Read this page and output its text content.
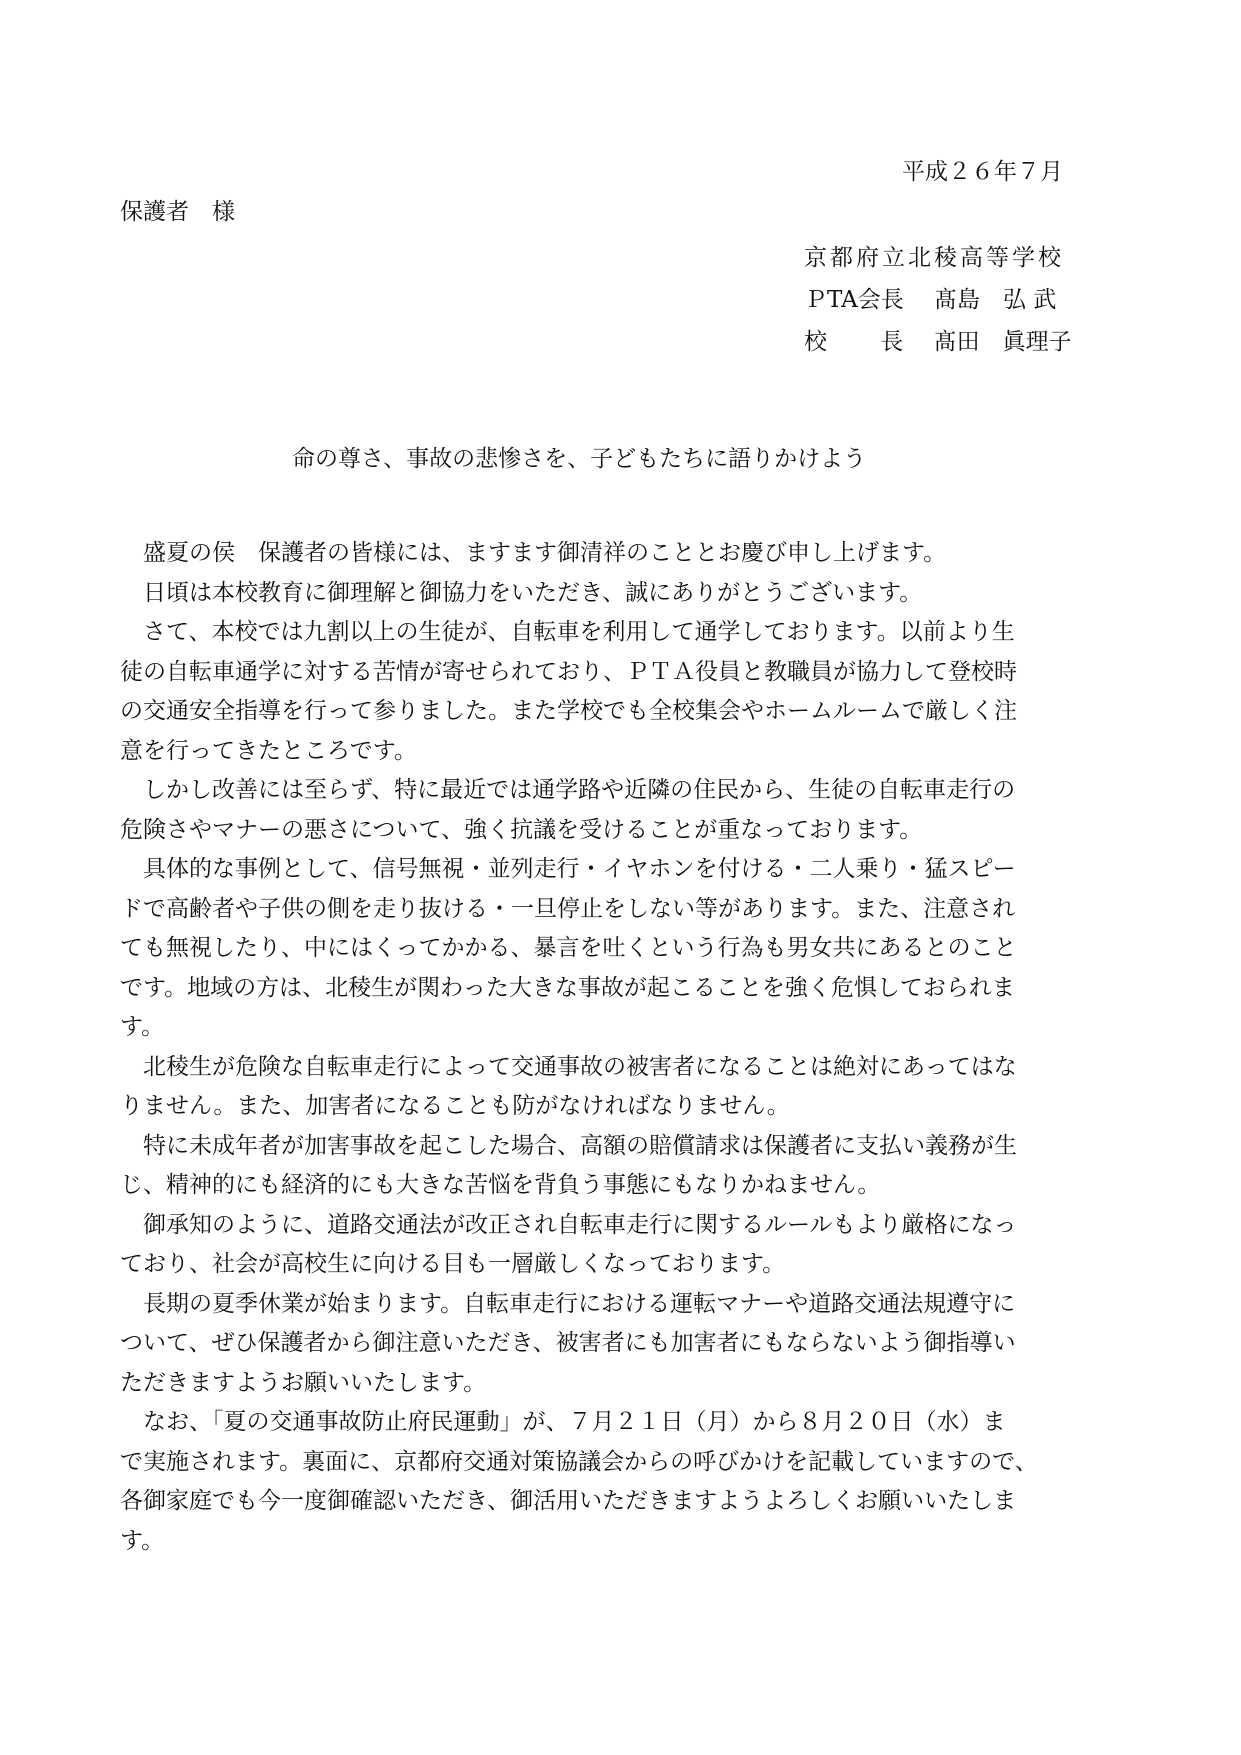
平成２６年７月
保護者　様
京都府立北稜高等学校
ＰTA会長　 髙島　弘 武
校　　 長　 髙田　眞理子
命の尊さ、事故の悲惨さを、子どもたちに語りかけよう
盛夏の侯　保護者の皆様には、ますます御清祥のこととお慶び申し上げます。
日頃は本校教育に御理解と御協力をいただき、誠にありがとうございます。
さて、本校では九割以上の生徒が、自転車を利用して通学しております。以前より生
徒の自転車通学に対する苦情が寄せられており、ＰＴＡ役員と教職員が協力して登校時
の交通安全指導を行って参りました。また学校でも全校集会やホームルームで厳しく注
意を行ってきたところです。
しかし改善には至らず、特に最近では通学路や近隣の住民から、生徒の自転車走行の
危険さやマナーの悪さについて、強く抗議を受けることが重なっております。
具体的な事例として、信号無視・並列走行・イヤホンを付ける・二人乗り・猛スピー
ドで高齢者や子供の側を走り抜ける・一旦停止をしない等があります。また、注意され
ても無視したり、中にはくってかかる、暴言を吐くという行為も男女共にあるとのこと
です。地域の方は、北稜生が関わった大きな事故が起こることを強く危惧しておられま
す。
北稜生が危険な自転車走行によって交通事故の被害者になることは絶対にあってはな
りません。また、加害者になることも防がなければなりません。
特に未成年者が加害事故を起こした場合、高額の賠償請求は保護者に支払い義務が生
じ、精神的にも経済的にも大きな苦悩を背負う事態にもなりかねません。
御承知のように、道路交通法が改正され自転車走行に関するルールもより厳格になっ
ており、社会が高校生に向ける目も一層厳しくなっております。
長期の夏季休業が始まります。自転車走行における運転マナーや道路交通法規遵守に
ついて、ぜひ保護者から御注意いただき、被害者にも加害者にもならないよう御指導い
ただきますようお願いいたします。
なお、「夏の交通事故防止府民運動」が、７月２１日（月）から８月２０日（水）ま
で実施されます。裏面に、京都府交通対策協議会からの呼びかけを記載していますので、
各御家庭でも今一度御確認いただき、御活用いただきますようよろしくお願いいたしま
す。
